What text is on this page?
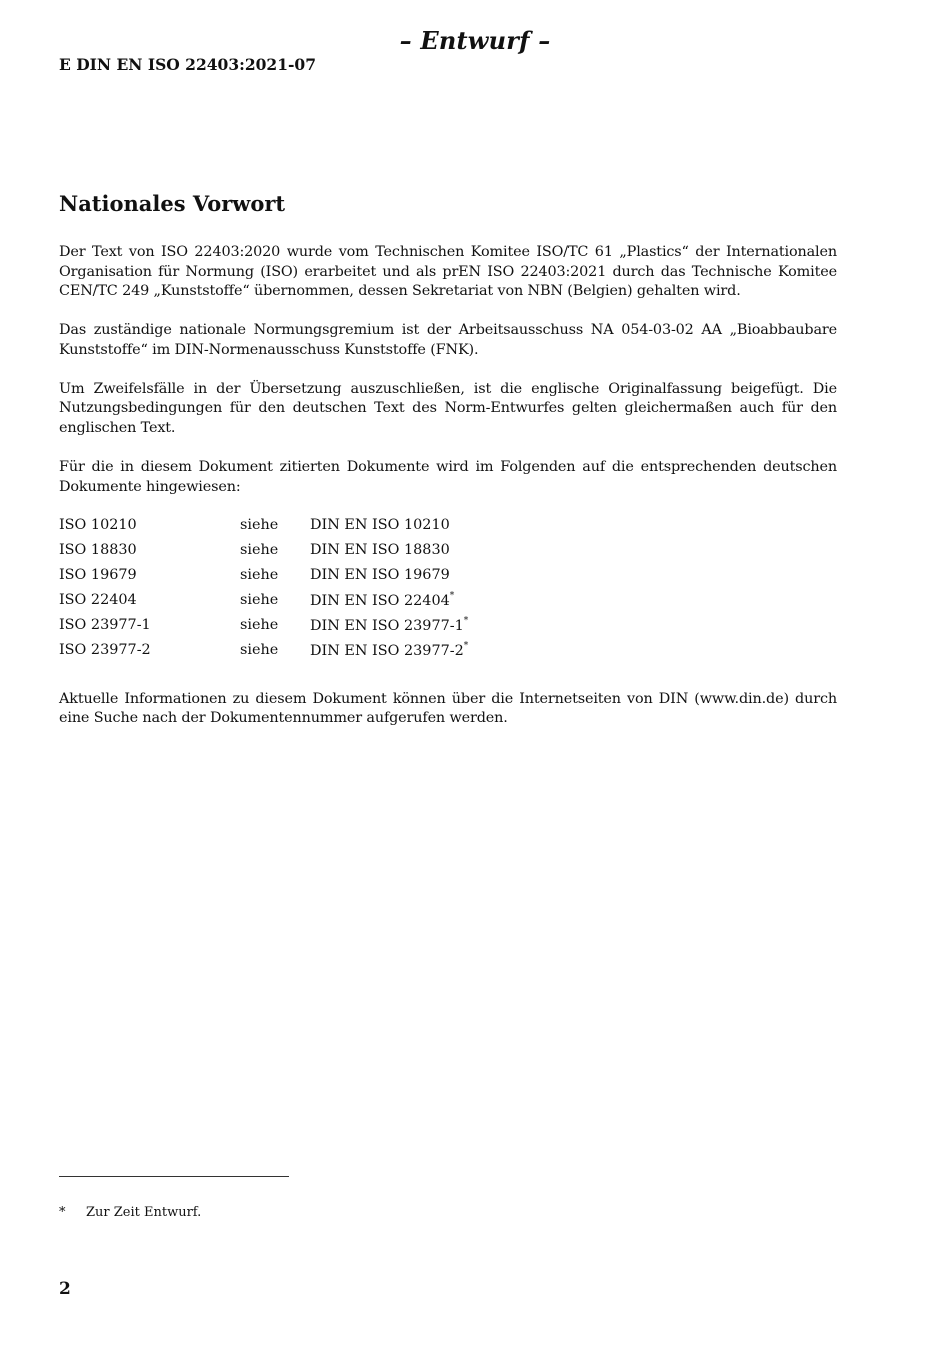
– Entwurf –
E DIN EN ISO 22403:2021-07
Nationales Vorwort

Der Text von ISO 22403:2020 wurde vom Technischen Komitee ISO/TC 61 „Plastics“ der Internationalen Organisation für Normung (ISO) erarbeitet und als prEN ISO 22403:2021 durch das Technische Komitee CEN/TC 249 „Kunststoffe“ übernommen, dessen Sekretariat von NBN (Belgien) gehalten wird.

Das zuständige nationale Normungsgremium ist der Arbeitsausschuss NA 054-03-02 AA „Bioabbaubare Kunststoffe“ im DIN-Normenausschuss Kunststoffe (FNK).

Um Zweifelsfälle in der Übersetzung auszuschließen, ist die englische Originalfassung beigefügt. Die Nutzungsbedingungen für den deutschen Text des Norm-Entwurfes gelten gleichermaßen auch für den englischen Text.

Für die in diesem Dokument zitierten Dokumente wird im Folgenden auf die entsprechenden deutschen Dokumente hingewiesen:

ISO 10210	siehe	DIN EN ISO 10210
ISO 18830	siehe	DIN EN ISO 18830
ISO 19679	siehe	DIN EN ISO 19679
ISO 22404	siehe	DIN EN ISO 22404*
ISO 23977-1	siehe	DIN EN ISO 23977-1*
ISO 23977-2	siehe	DIN EN ISO 23977-2*

Aktuelle Informationen zu diesem Dokument können über die Internetseiten von DIN (www.din.de) durch eine Suche nach der Dokumentennummer aufgerufen werden.

* Zur Zeit Entwurf.
2
